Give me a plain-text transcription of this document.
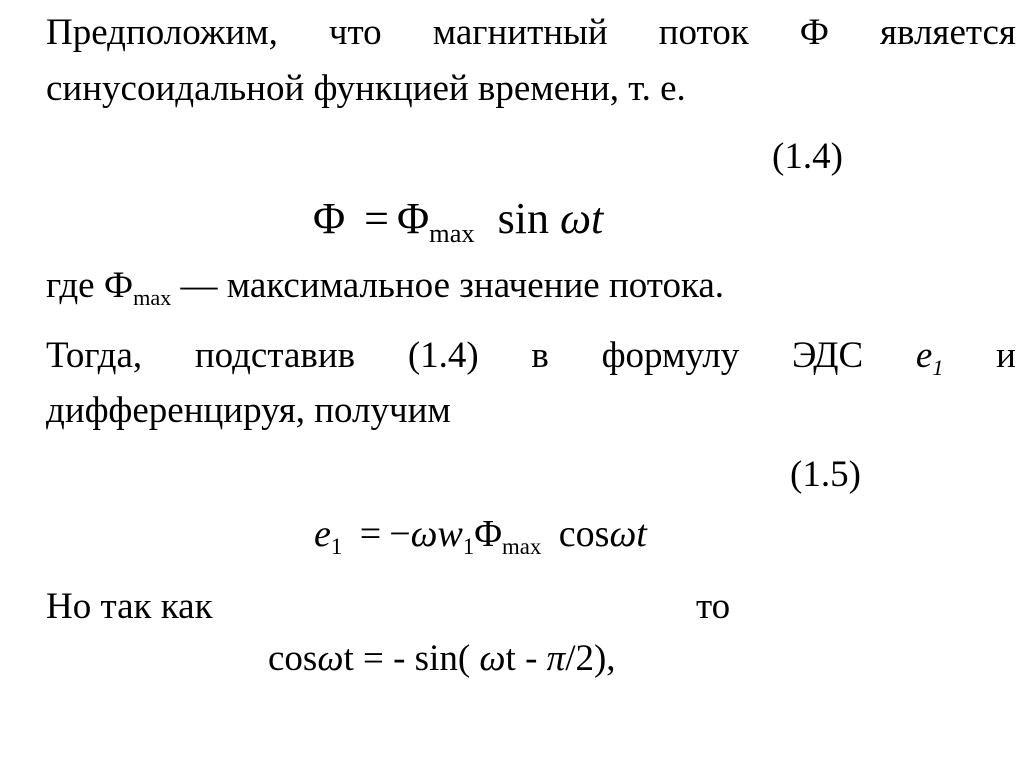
Предположим, что магнитный поток Ф является
синусоидальной функцией времени, т. е.
(1.4)
$\Phi = \Phi_{max}$ sin ωt
где $Ф_{max}$ — максимальное значение потока.
Тогда, подставив (1.4) в формулу ЭДС $e_1$ и
дифференцируя, получим
(1.5)
$e_1 = -\omega w_1\Phi_{max}$ cosωt
Но так как	то
cosωt = - sin( ωt - π/2),
